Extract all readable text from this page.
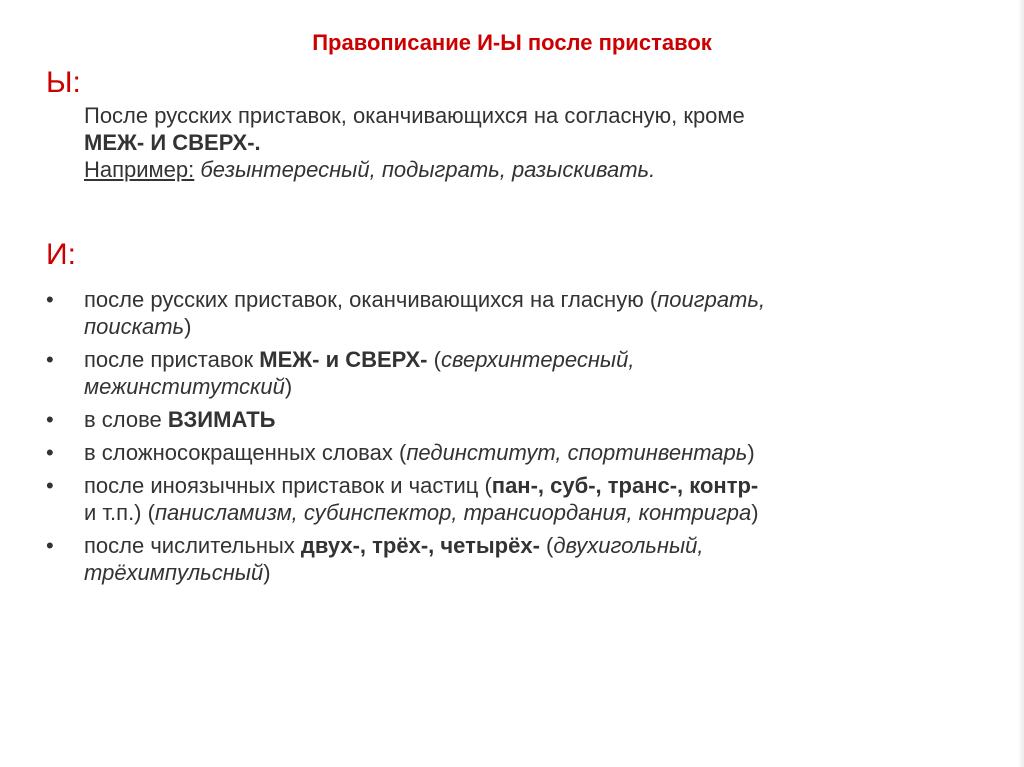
Правописание И-Ы после приставок
Ы:
После русских приставок, оканчивающихся на согласную, кроме
МЕЖ- И СВЕРХ-.
Например: безынтересный, подыграть, разыскивать.
И:
• после русских приставок, оканчивающихся на гласную (поиграть,
поискать)
• после приставок МЕЖ- и СВЕРХ- (сверхинтересный,
межинститутский)
• в слове ВЗИМАТЬ
• в сложносокращенных словах (пединститут, спортинвентарь)
• после иноязычных приставок и частиц (пан-, суб-, транс-, контр-
и т.п.) (панисламизм, субинспектор, трансиордания, контригра)
• после числительных двух-, трёх-, четырёх- (двухигольный,
трёхимпульсный)
